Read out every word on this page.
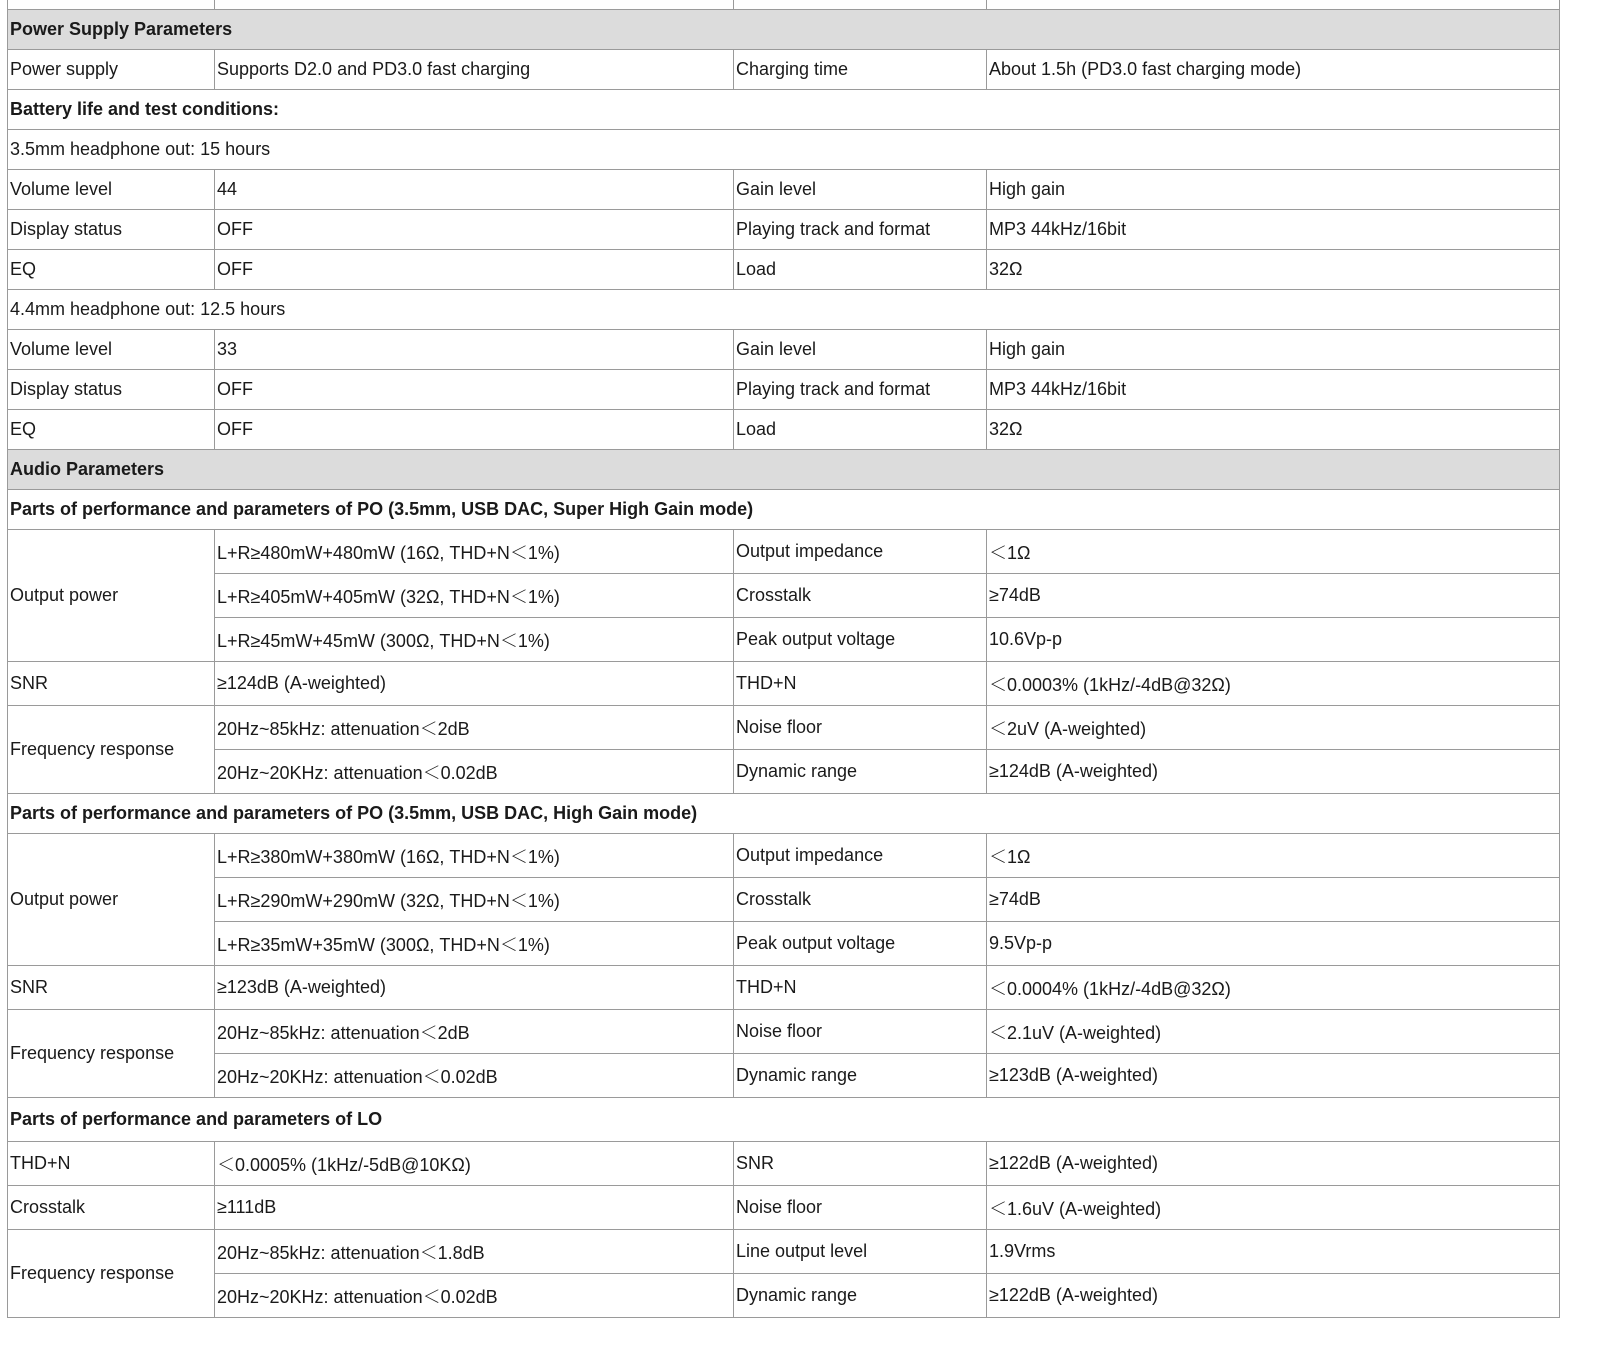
Power Supply Parameters			
Power supply	Supports D2.0 and PD3.0 fast charging	Charging time	About 1.5h (PD3.0 fast charging mode)
Battery life and test conditions:			
3.5mm headphone out: 15 hours			
Volume level	44	Gain level	High gain
Display status	OFF	Playing track and format	MP3 44kHz/16bit
EQ	OFF	Load	32Ω
4.4mm headphone out: 12.5 hours			
Volume level	33	Gain level	High gain
Display status	OFF	Playing track and format	MP3 44kHz/16bit
EQ	OFF	Load	32Ω
Audio Parameters			
Parts of performance and parameters of PO (3.5mm, USB DAC, Super High Gain mode)			
Output power	L+R≥480mW+480mW (16Ω, THD+N＜1%)	Output impedance	＜1Ω
	L+R≥405mW+405mW (32Ω, THD+N＜1%)	Crosstalk	≥74dB
	L+R≥45mW+45mW (300Ω, THD+N＜1%)	Peak output voltage	10.6Vp-p
SNR	≥124dB (A-weighted)	THD+N	＜0.0003% (1kHz/-4dB@32Ω)
Frequency response	20Hz~85kHz: attenuation＜2dB	Noise floor	＜2uV (A-weighted)
	20Hz~20KHz: attenuation＜0.02dB	Dynamic range	≥124dB (A-weighted)
Parts of performance and parameters of PO (3.5mm, USB DAC, High Gain mode)			
Output power	L+R≥380mW+380mW (16Ω, THD+N＜1%)	Output impedance	＜1Ω
	L+R≥290mW+290mW (32Ω, THD+N＜1%)	Crosstalk	≥74dB
	L+R≥35mW+35mW (300Ω, THD+N＜1%)	Peak output voltage	9.5Vp-p
SNR	≥123dB (A-weighted)	THD+N	＜0.0004% (1kHz/-4dB@32Ω)
Frequency response	20Hz~85kHz: attenuation＜2dB	Noise floor	＜2.1uV (A-weighted)
	20Hz~20KHz: attenuation＜0.02dB	Dynamic range	≥123dB (A-weighted)
Parts of performance and parameters of LO			
THD+N	＜0.0005% (1kHz/-5dB@10KΩ)	SNR	≥122dB (A-weighted)
Crosstalk	≥111dB	Noise floor	＜1.6uV (A-weighted)
Frequency response	20Hz~85kHz: attenuation＜1.8dB	Line output level	1.9Vrms
	20Hz~20KHz: attenuation＜0.02dB	Dynamic range	≥122dB (A-weighted)
